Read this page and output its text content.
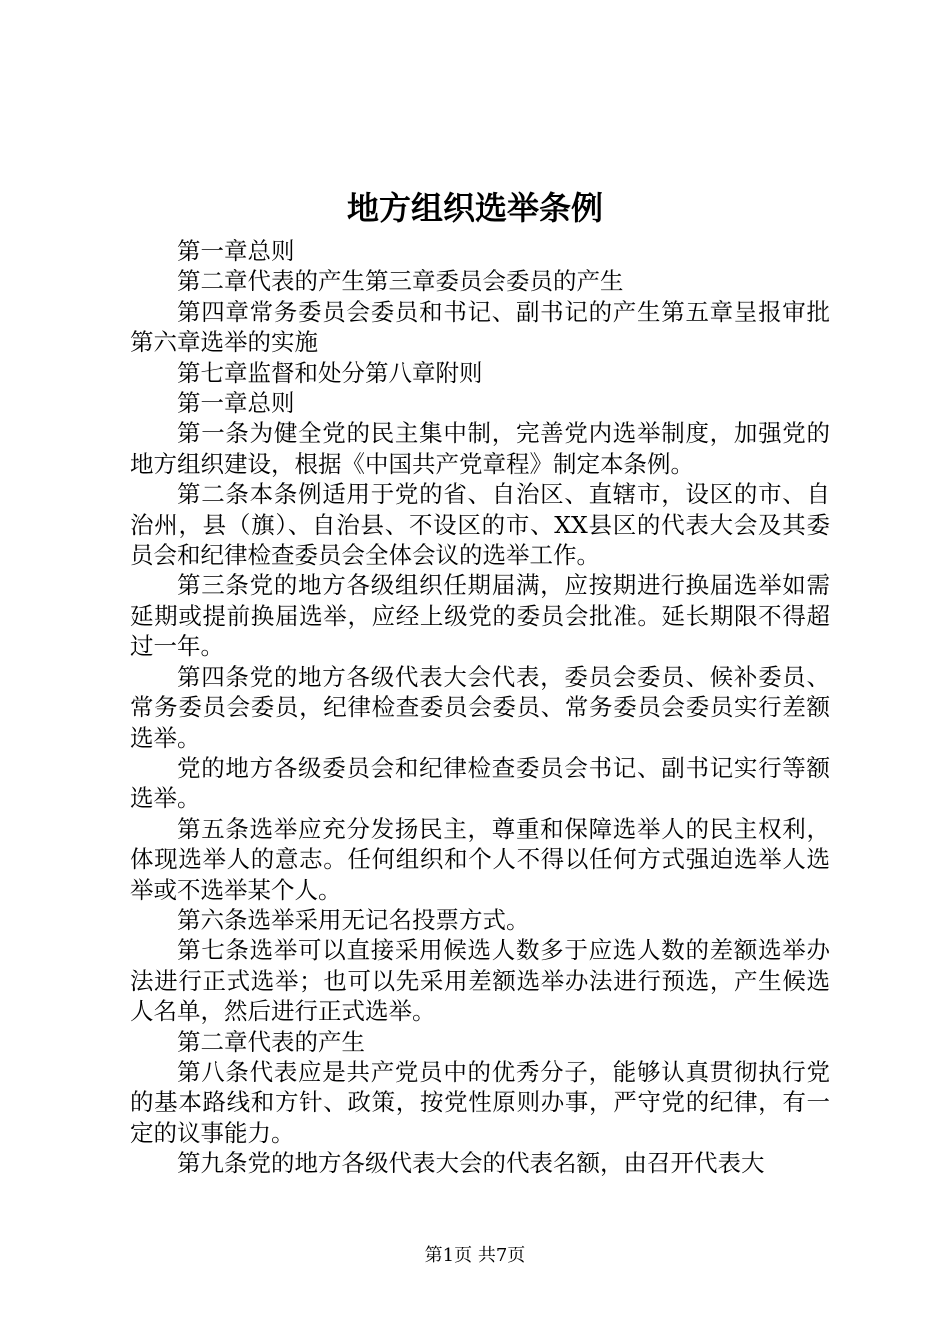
地方组织选举条例

第一章总则

第二章代表的产生第三章委员会委员的产生

第四章常务委员会委员和书记、副书记的产生第五章呈报审批第六章选举的实施

第七章监督和处分第八章附则

第一章总则

第一条为健全党的民主集中制，完善党内选举制度，加强党的地方组织建设，根据《中国共产党章程》制定本条例。

第二条本条例适用于党的省、自治区、直辖市，设区的市、自治州，县（旗）、自治县、不设区的市、XX县区的代表大会及其委员会和纪律检查委员会全体会议的选举工作。

第三条党的地方各级组织任期届满，应按期进行换届选举如需延期或提前换届选举，应经上级党的委员会批准。延长期限不得超过一年。

第四条党的地方各级代表大会代表，委员会委员、候补委员、常务委员会委员，纪律检查委员会委员、常务委员会委员实行差额选举。

党的地方各级委员会和纪律检查委员会书记、副书记实行等额选举。

第五条选举应充分发扬民主，尊重和保障选举人的民主权利，体现选举人的意志。任何组织和个人不得以任何方式强迫选举人选举或不选举某个人。

第六条选举采用无记名投票方式。

第七条选举可以直接采用候选人数多于应选人数的差额选举办法进行正式选举；也可以先采用差额选举办法进行预选，产生候选人名单，然后进行正式选举。

第二章代表的产生

第八条代表应是共产党员中的优秀分子，能够认真贯彻执行党的基本路线和方针、政策，按党性原则办事，严守党的纪律，有一定的议事能力。

第九条党的地方各级代表大会的代表名额，由召开代表大

第1页 共7页
